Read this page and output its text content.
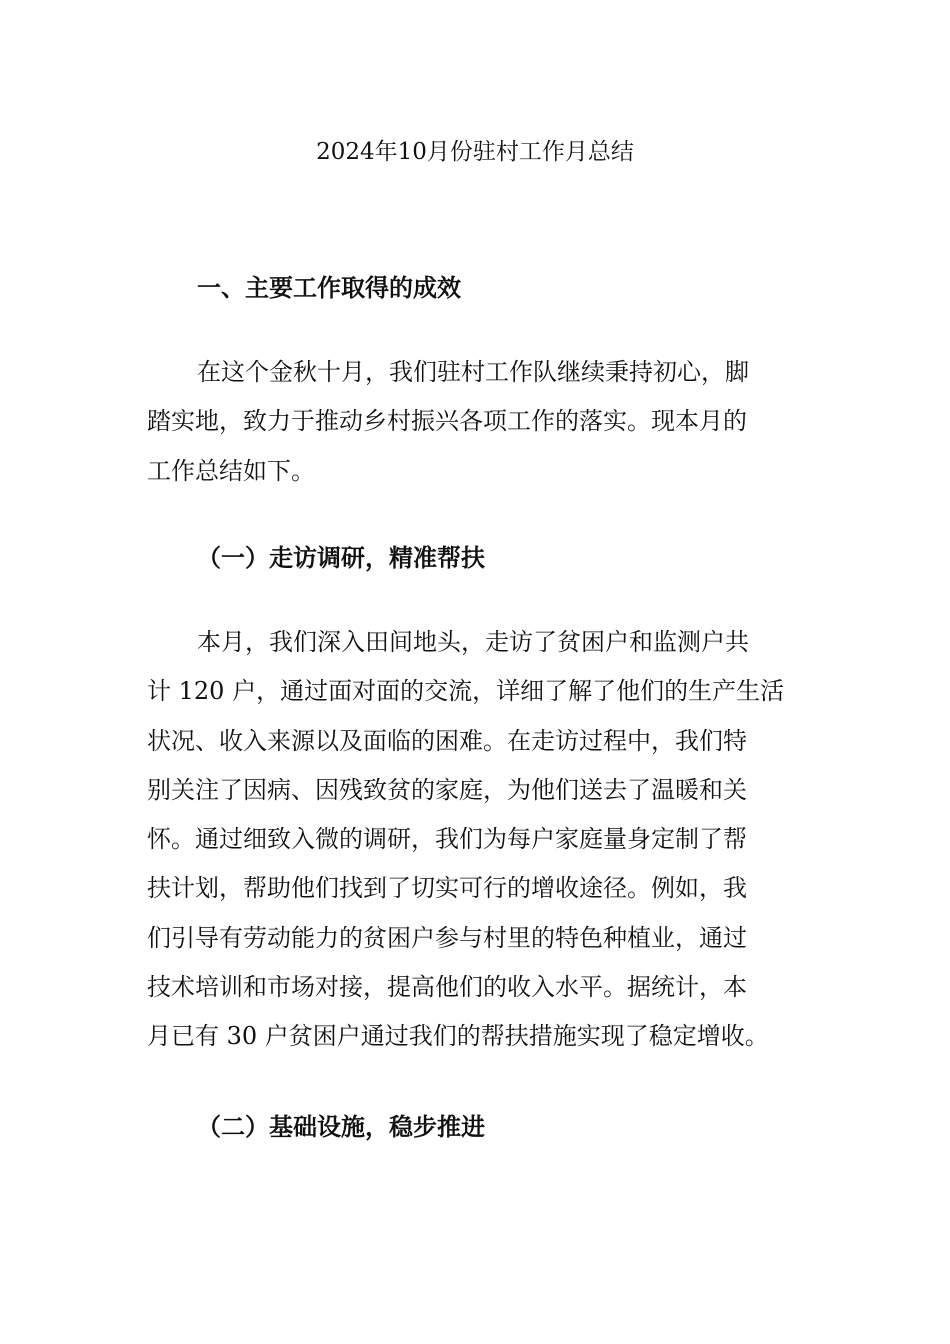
2024年10月份驻村工作月总结
一、主要工作取得的成效
在这个金秋十月，我们驻村工作队继续秉持初心，脚
踏实地，致力于推动乡村振兴各项工作的落实。现本月的
工作总结如下。
（一）走访调研，精准帮扶
本月，我们深入田间地头，走访了贫困户和监测户共
计 120 户，通过面对面的交流，详细了解了他们的生产生活
状况、收入来源以及面临的困难。在走访过程中，我们特
别关注了因病、因残致贫的家庭，为他们送去了温暖和关
怀。通过细致入微的调研，我们为每户家庭量身定制了帮
扶计划，帮助他们找到了切实可行的增收途径。例如，我
们引导有劳动能力的贫困户参与村里的特色种植业，通过
技术培训和市场对接，提高他们的收入水平。据统计，本
月已有 30 户贫困户通过我们的帮扶措施实现了稳定增收。
（二）基础设施，稳步推进
